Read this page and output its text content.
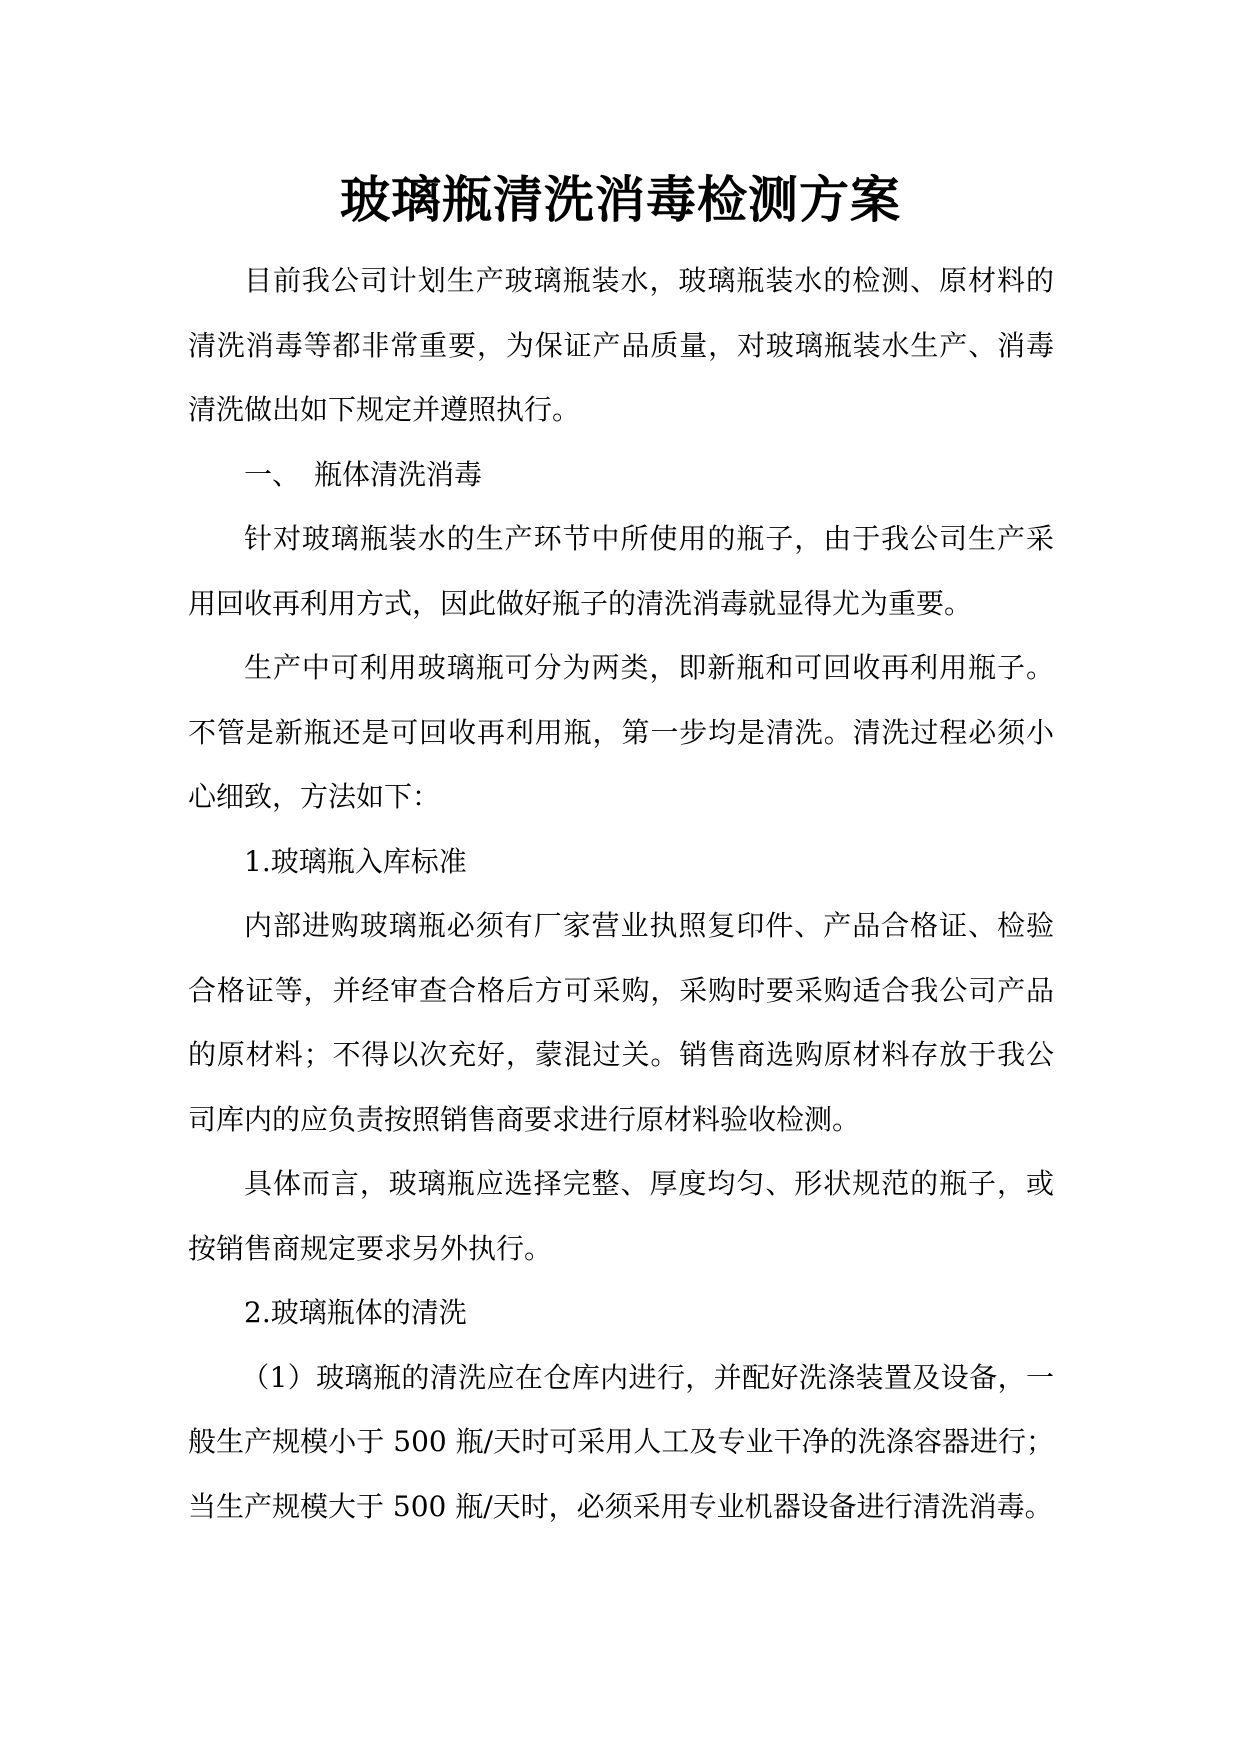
玻璃瓶清洗消毒检测方案

目前我公司计划生产玻璃瓶装水，玻璃瓶装水的检测、原材料的清洗消毒等都非常重要，为保证产品质量，对玻璃瓶装水生产、消毒清洗做出如下规定并遵照执行。

一、　瓶体清洗消毒

针对玻璃瓶装水的生产环节中所使用的瓶子，由于我公司生产采用回收再利用方式，因此做好瓶子的清洗消毒就显得尤为重要。

生产中可利用玻璃瓶可分为两类，即新瓶和可回收再利用瓶子。不管是新瓶还是可回收再利用瓶，第一步均是清洗。清洗过程必须小心细致，方法如下：

1.玻璃瓶入库标准

内部进购玻璃瓶必须有厂家营业执照复印件、产品合格证、检验合格证等，并经审查合格后方可采购，采购时要采购适合我公司产品的原材料；不得以次充好，蒙混过关。销售商选购原材料存放于我公司库内的应负责按照销售商要求进行原材料验收检测。

具体而言，玻璃瓶应选择完整、厚度均匀、形状规范的瓶子，或按销售商规定要求另外执行。

2.玻璃瓶体的清洗

（1）玻璃瓶的清洗应在仓库内进行，并配好洗涤装置及设备，一般生产规模小于 500 瓶/天时可采用人工及专业干净的洗涤容器进行；当生产规模大于 500 瓶/天时，必须采用专业机器设备进行清洗消毒。
